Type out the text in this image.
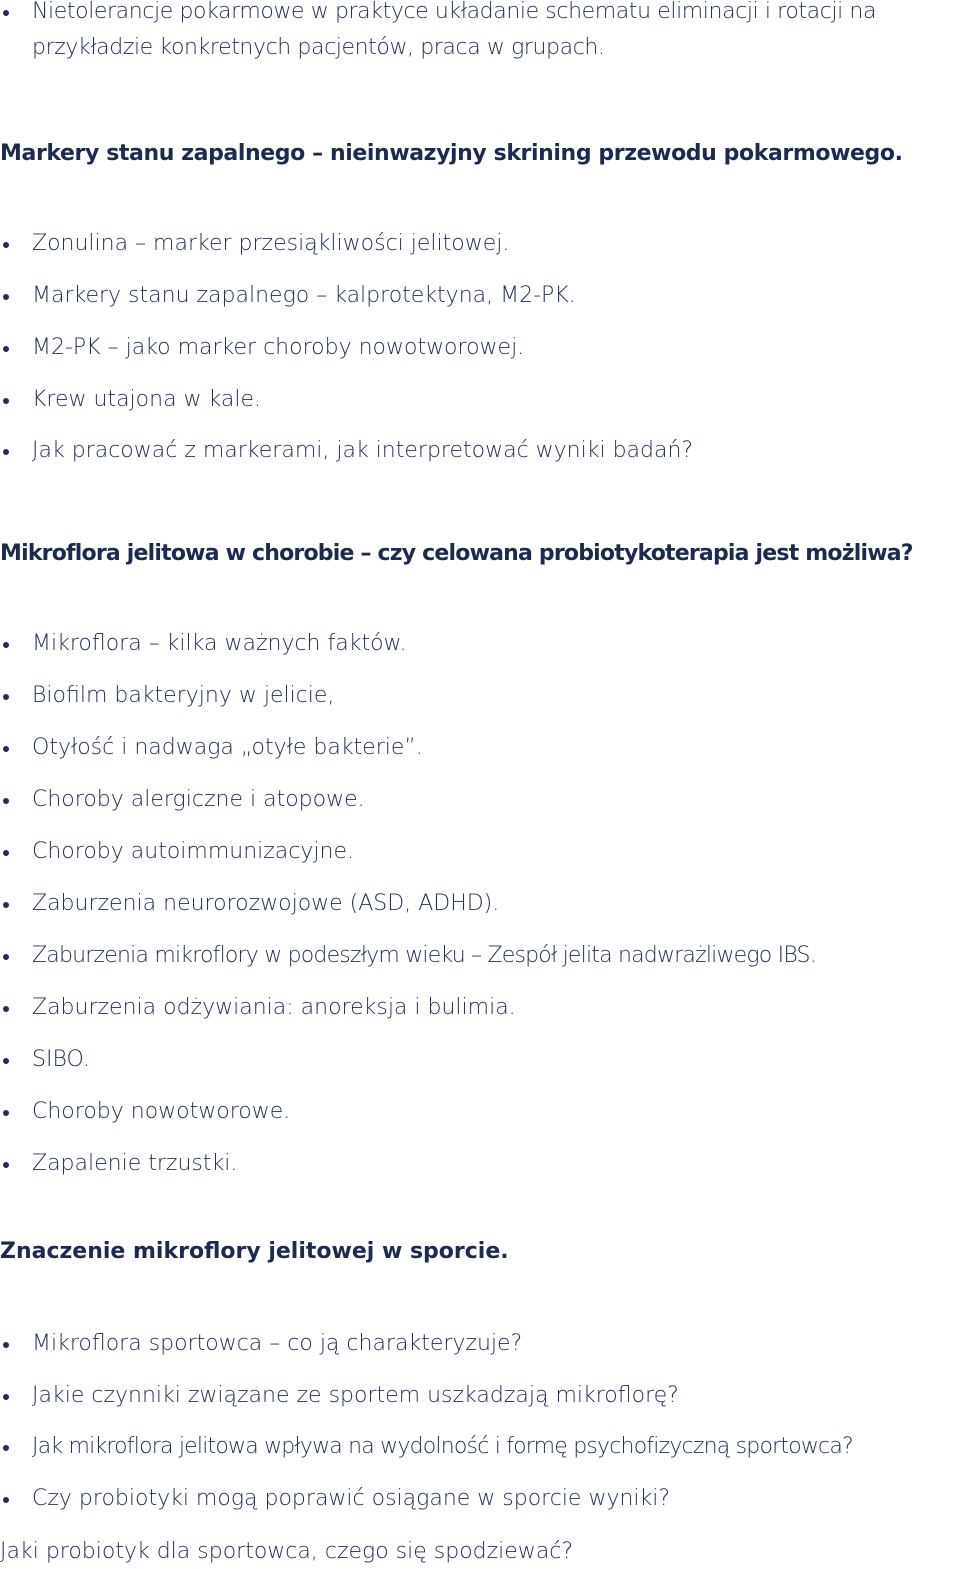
Nietolerancje pokarmowe w praktyce układanie schematu eliminacji i rotacji na przykładzie konkretnych pacjentów, praca w grupach.
Markery stanu zapalnego – nieinwazyjny skrining przewodu pokarmowego.
Zonulina – marker przesiąkliwości jelitowej.
Markery stanu zapalnego – kalprotektyna, M2-PK.
M2-PK – jako marker choroby nowotworowej.
Krew utajona w kale.
Jak pracować z markerami, jak interpretować wyniki badań?
Mikroflora jelitowa w chorobie – czy celowana probiotykoterapia jest możliwa?
Mikroflora – kilka ważnych faktów.
Biofilm bakteryjny w jelicie,
Otyłość i nadwaga „otyłe bakterie”.
Choroby alergiczne i atopowe.
Choroby autoimmunizacyjne.
Zaburzenia neurorozwojowe (ASD, ADHD).
Zaburzenia mikroflory w podeszłym wieku – Zespół jelita nadwrażliwego IBS.
Zaburzenia odżywiania: anoreksja i bulimia.
SIBO.
Choroby nowotworowe.
Zapalenie trzustki.
Znaczenie mikroflory jelitowej w sporcie.
Mikroflora sportowca – co ją charakteryzuje?
Jakie czynniki związane ze sportem uszkadzają mikroflorę?
Jak mikroflora jelitowa wpływa na wydolność i formę psychofizyczną sportowca?
Czy probiotyki mogą poprawić osiągane w sporcie wyniki?
Jaki probiotyk dla sportowca, czego się spodziewać?
